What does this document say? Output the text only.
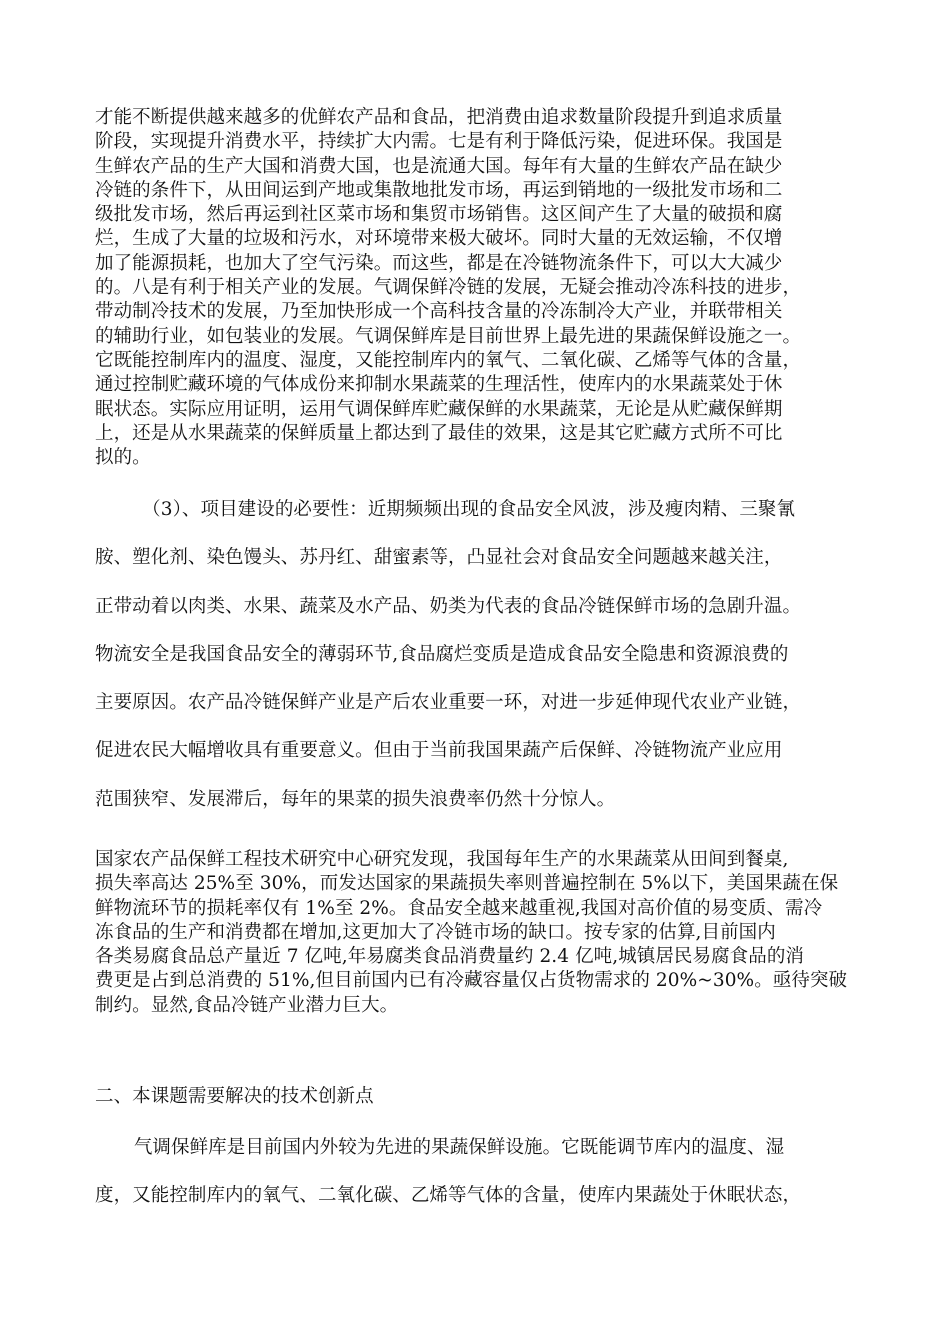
才能不断提供越来越多的优鲜农产品和食品，把消费由追求数量阶段提升到追求质量
阶段，实现提升消费水平，持续扩大内需。七是有利于降低污染，促进环保。我国是
生鲜农产品的生产大国和消费大国，也是流通大国。每年有大量的生鲜农产品在缺少
冷链的条件下，从田间运到产地或集散地批发市场，再运到销地的一级批发市场和二
级批发市场，然后再运到社区菜市场和集贸市场销售。这区间产生了大量的破损和腐
烂，生成了大量的垃圾和污水，对环境带来极大破坏。同时大量的无效运输，不仅增
加了能源损耗，也加大了空气污染。而这些，都是在冷链物流条件下，可以大大减少
的。八是有利于相关产业的发展。气调保鲜冷链的发展，无疑会推动冷冻科技的进步，
带动制冷技术的发展，乃至加快形成一个高科技含量的冷冻制冷大产业，并联带相关
的辅助行业，如包装业的发展。气调保鲜库是目前世界上最先进的果蔬保鲜设施之一。
它既能控制库内的温度、湿度，又能控制库内的氧气、二氧化碳、乙烯等气体的含量，
通过控制贮藏环境的气体成份来抑制水果蔬菜的生理活性，使库内的水果蔬菜处于休
眠状态。实际应用证明，运用气调保鲜库贮藏保鲜的水果蔬菜，无论是从贮藏保鲜期
上，还是从水果蔬菜的保鲜质量上都达到了最佳的效果，这是其它贮藏方式所不可比
拟的。
（3）、项目建设的必要性：近期频频出现的食品安全风波，涉及瘦肉精、三聚氰
胺、塑化剂、染色馒头、苏丹红、甜蜜素等，凸显社会对食品安全问题越来越关注，
正带动着以肉类、水果、蔬菜及水产品、奶类为代表的食品冷链保鲜市场的急剧升温。
物流安全是我国食品安全的薄弱环节,食品腐烂变质是造成食品安全隐患和资源浪费的
主要原因。农产品冷链保鲜产业是产后农业重要一环，对进一步延伸现代农业产业链，
促进农民大幅增收具有重要意义。但由于当前我国果蔬产后保鲜、冷链物流产业应用
范围狭窄、发展滞后，每年的果菜的损失浪费率仍然十分惊人。
国家农产品保鲜工程技术研究中心研究发现，我国每年生产的水果蔬菜从田间到餐桌,
损失率高达 25%至 30%，而发达国家的果蔬损失率则普遍控制在 5%以下，美国果蔬在保
鲜物流环节的损耗率仅有 1%至 2%。食品安全越来越重视,我国对高价值的易变质、需冷
冻食品的生产和消费都在增加,这更加大了冷链市场的缺口。按专家的估算,目前国内
各类易腐食品总产量近 7 亿吨,年易腐类食品消费量约 2.4 亿吨,城镇居民易腐食品的消
费更是占到总消费的 51%,但目前国内已有冷藏容量仅占货物需求的 20%~30%。亟待突破
制约。显然,食品冷链产业潜力巨大。
二、本课题需要解决的技术创新点
气调保鲜库是目前国内外较为先进的果蔬保鲜设施。它既能调节库内的温度、湿
度，又能控制库内的氧气、二氧化碳、乙烯等气体的含量，使库内果蔬处于休眠状态，
